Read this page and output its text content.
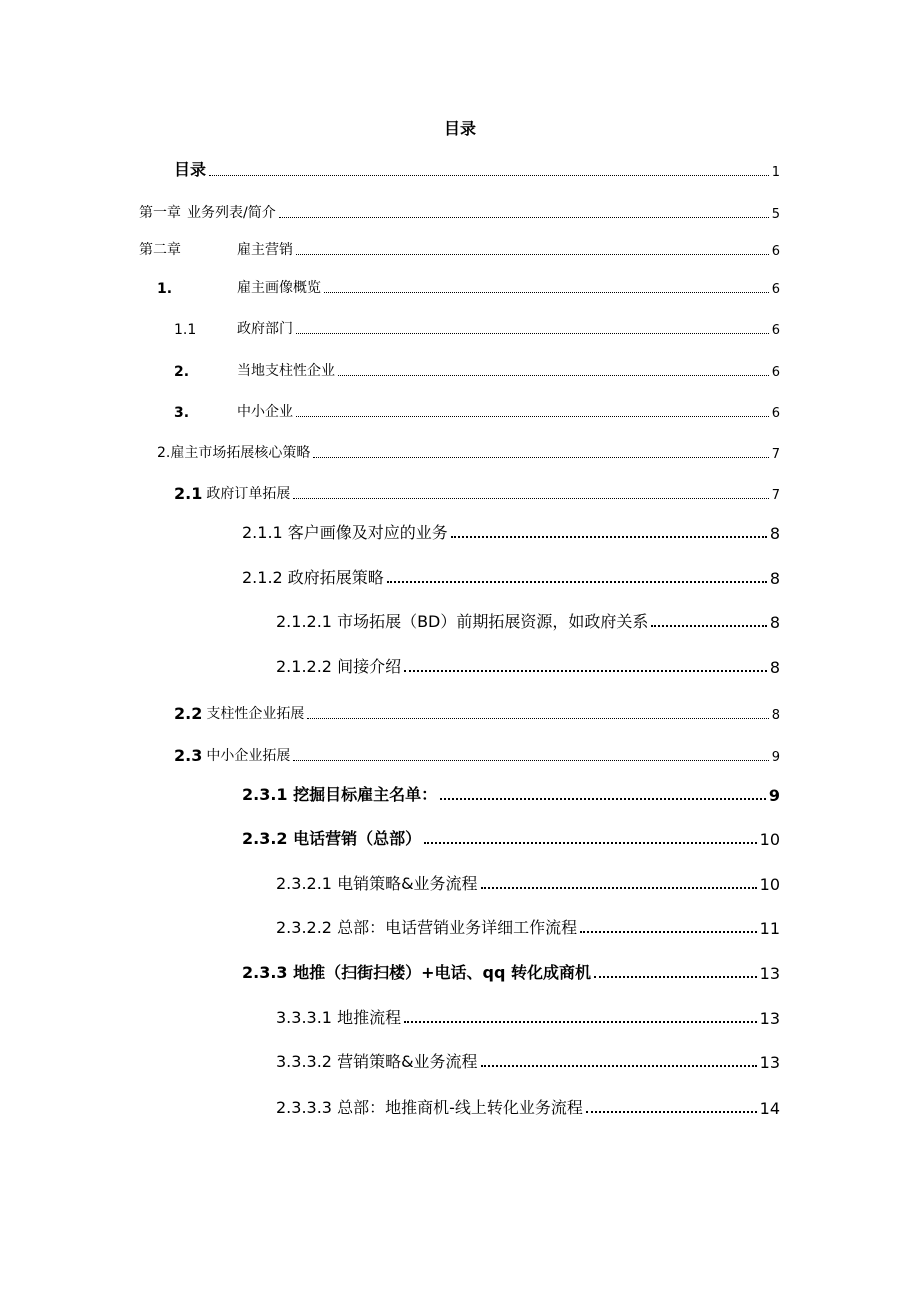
目录
目录	1
第一章 业务列表/简介	5
第二章	雇主营销	6
1.	雇主画像概览	6
1.1	政府部门	6
2.	当地支柱性企业	6
3.	中小企业	6
2.雇主市场拓展核心策略	7
2.1 政府订单拓展	7
2.1.1 客户画像及对应的业务	8
2.1.2 政府拓展策略	8
2.1.2.1 市场拓展（BD）前期拓展资源，如政府关系	8
2.1.2.2 间接介绍	8
2.2 支柱性企业拓展	8
2.3 中小企业拓展	9
2.3.1 挖掘目标雇主名单：	9
2.3.2 电话营销（总部）	10
2.3.2.1 电销策略&业务流程	10
2.3.2.2 总部：电话营销业务详细工作流程	11
2.3.3 地推（扫街扫楼）+电话、qq 转化成商机	13
3.3.3.1 地推流程	13
3.3.3.2 营销策略&业务流程	13
2.3.3.3 总部：地推商机-线上转化业务流程	14
